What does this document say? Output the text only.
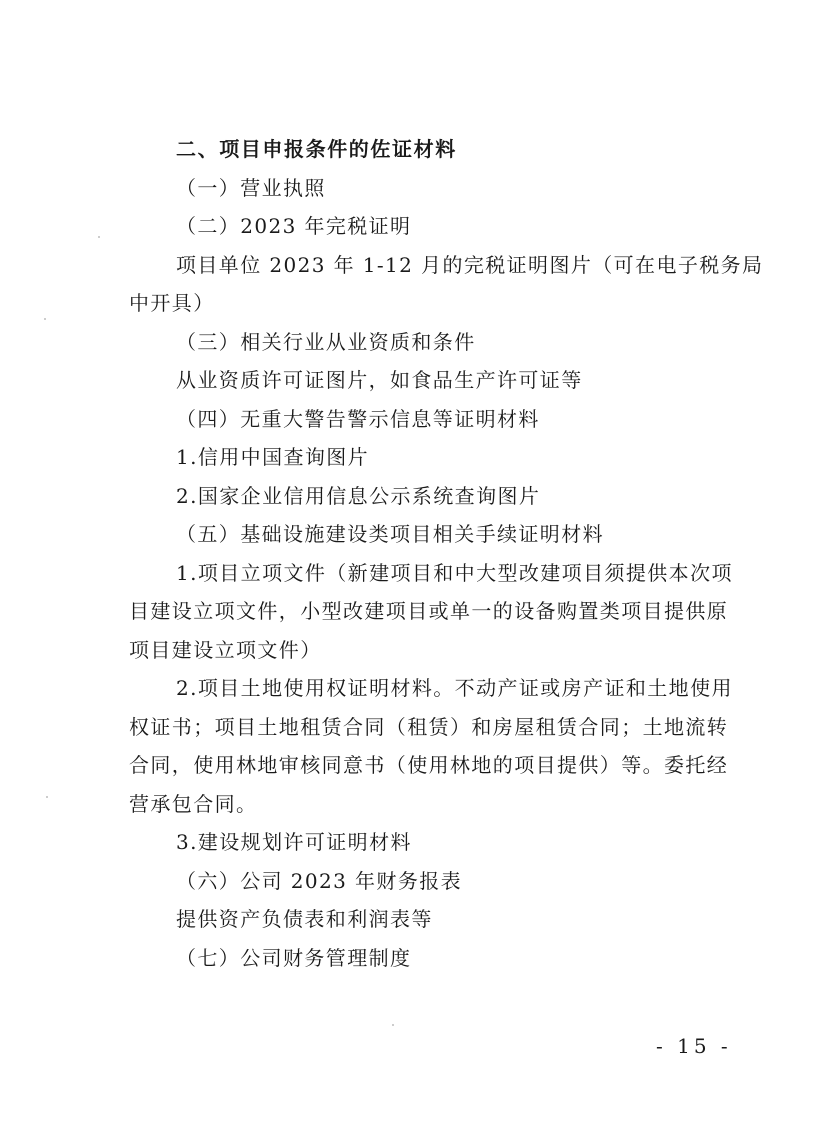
二、项目申报条件的佐证材料
（一）营业执照
（二）2023 年完税证明
项目单位 2023 年 1-12 月的完税证明图片（可在电子税务局
中开具）
（三）相关行业从业资质和条件
从业资质许可证图片，如食品生产许可证等
（四）无重大警告警示信息等证明材料
1.信用中国查询图片
2.国家企业信用信息公示系统查询图片
（五）基础设施建设类项目相关手续证明材料
1.项目立项文件（新建项目和中大型改建项目须提供本次项
目建设立项文件，小型改建项目或单一的设备购置类项目提供原
项目建设立项文件）
2.项目土地使用权证明材料。不动产证或房产证和土地使用
权证书；项目土地租赁合同（租赁）和房屋租赁合同；土地流转
合同，使用林地审核同意书（使用林地的项目提供）等。委托经
营承包合同。
3.建设规划许可证明材料
（六）公司 2023 年财务报表
提供资产负债表和利润表等
（七）公司财务管理制度
- 15 -
